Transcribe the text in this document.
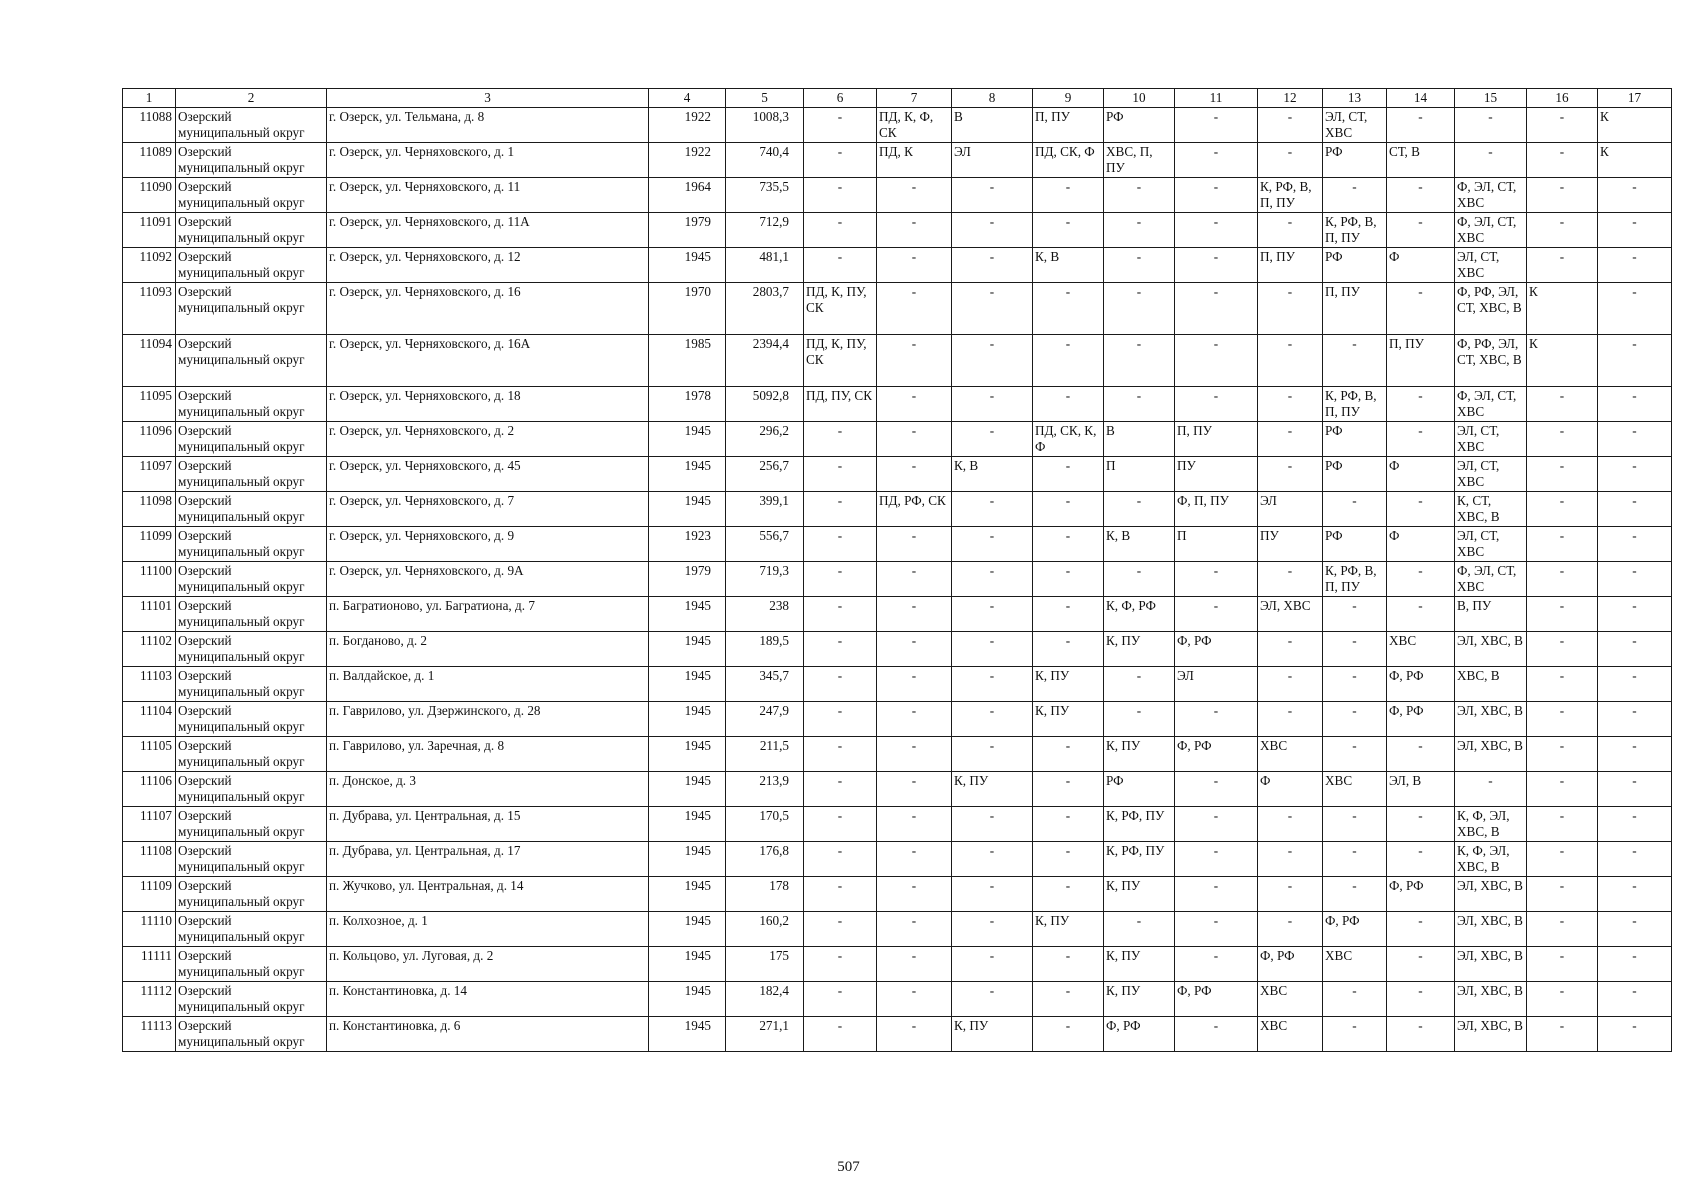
1	2	3	4	5	6	7	8	9	10	11	12	13	14	15	16	17
11088	Озерский муниципальный округ	г. Озерск, ул. Тельмана, д. 8	1922	1008,3	-	ПД, К, Ф, СК	В	П, ПУ	РФ	-	-	ЭЛ, СТ, ХВС	-	-	-	К
11089	Озерский муниципальный округ	г. Озерск, ул. Черняховского, д. 1	1922	740,4	-	ПД, К	ЭЛ	ПД, СК, Ф	ХВС, П, ПУ	-	-	РФ	СТ, В	-	-	К
11090	Озерский муниципальный округ	г. Озерск, ул. Черняховского, д. 11	1964	735,5	-	-	-	-	-	-	К, РФ, В, П, ПУ	-	-	Ф, ЭЛ, СТ, ХВС	-	-
11091	Озерский муниципальный округ	г. Озерск, ул. Черняховского, д. 11А	1979	712,9	-	-	-	-	-	-	-	К, РФ, В, П, ПУ	-	Ф, ЭЛ, СТ, ХВС	-	-
11092	Озерский муниципальный округ	г. Озерск, ул. Черняховского, д. 12	1945	481,1	-	-	-	К, В	-	-	П, ПУ	РФ	Ф	ЭЛ, СТ, ХВС	-	-
11093	Озерский муниципальный округ	г. Озерск, ул. Черняховского, д. 16	1970	2803,7	ПД, К, ПУ, СК	-	-	-	-	-	-	П, ПУ	-	Ф, РФ, ЭЛ, СТ, ХВС, В	К	-
11094	Озерский муниципальный округ	г. Озерск, ул. Черняховского, д. 16А	1985	2394,4	ПД, К, ПУ, СК	-	-	-	-	-	-	-	П, ПУ	Ф, РФ, ЭЛ, СТ, ХВС, В	К	-
11095	Озерский муниципальный округ	г. Озерск, ул. Черняховского, д. 18	1978	5092,8	ПД, ПУ, СК	-	-	-	-	-	-	К, РФ, В, П, ПУ	-	Ф, ЭЛ, СТ, ХВС	-	-
11096	Озерский муниципальный округ	г. Озерск, ул. Черняховского, д. 2	1945	296,2	-	-	-	ПД, СК, К, Ф	В	П, ПУ	-	РФ	-	ЭЛ, СТ, ХВС	-	-
11097	Озерский муниципальный округ	г. Озерск, ул. Черняховского, д. 45	1945	256,7	-	-	К, В	-	П	ПУ	-	РФ	Ф	ЭЛ, СТ, ХВС	-	-
11098	Озерский муниципальный округ	г. Озерск, ул. Черняховского, д. 7	1945	399,1	-	ПД, РФ, СК	-	-	-	Ф, П, ПУ	ЭЛ	-	-	К, СТ, ХВС, В	-	-
11099	Озерский муниципальный округ	г. Озерск, ул. Черняховского, д. 9	1923	556,7	-	-	-	-	К, В	П	ПУ	РФ	Ф	ЭЛ, СТ, ХВС	-	-
11100	Озерский муниципальный округ	г. Озерск, ул. Черняховского, д. 9А	1979	719,3	-	-	-	-	-	-	-	К, РФ, В, П, ПУ	-	Ф, ЭЛ, СТ, ХВС	-	-
11101	Озерский муниципальный округ	п. Багратионово, ул. Багратиона, д. 7	1945	238	-	-	-	-	К, Ф, РФ	-	ЭЛ, ХВС	-	-	В, ПУ	-	-
11102	Озерский муниципальный округ	п. Богданово, д. 2	1945	189,5	-	-	-	-	К, ПУ	Ф, РФ	-	-	ХВС	ЭЛ, ХВС, В	-	-
11103	Озерский муниципальный округ	п. Валдайское, д. 1	1945	345,7	-	-	-	К, ПУ	-	ЭЛ	-	-	Ф, РФ	ХВС, В	-	-
11104	Озерский муниципальный округ	п. Гаврилово, ул. Дзержинского, д. 28	1945	247,9	-	-	-	К, ПУ	-	-	-	-	Ф, РФ	ЭЛ, ХВС, В	-	-
11105	Озерский муниципальный округ	п. Гаврилово, ул. Заречная, д. 8	1945	211,5	-	-	-	-	К, ПУ	Ф, РФ	ХВС	-	-	ЭЛ, ХВС, В	-	-
11106	Озерский муниципальный округ	п. Донское, д. 3	1945	213,9	-	-	К, ПУ	-	РФ	-	Ф	ХВС	ЭЛ, В	-	-	-
11107	Озерский муниципальный округ	п. Дубрава, ул. Центральная, д. 15	1945	170,5	-	-	-	-	К, РФ, ПУ	-	-	-	-	К, Ф, ЭЛ, ХВС, В	-	-
11108	Озерский муниципальный округ	п. Дубрава, ул. Центральная, д. 17	1945	176,8	-	-	-	-	К, РФ, ПУ	-	-	-	-	К, Ф, ЭЛ, ХВС, В	-	-
11109	Озерский муниципальный округ	п. Жучково, ул. Центральная, д. 14	1945	178	-	-	-	-	К, ПУ	-	-	-	Ф, РФ	ЭЛ, ХВС, В	-	-
11110	Озерский муниципальный округ	п. Колхозное, д. 1	1945	160,2	-	-	-	К, ПУ	-	-	-	Ф, РФ	-	ЭЛ, ХВС, В	-	-
11111	Озерский муниципальный округ	п. Кольцово, ул. Луговая, д. 2	1945	175	-	-	-	-	К, ПУ	-	Ф, РФ	ХВС	-	ЭЛ, ХВС, В	-	-
11112	Озерский муниципальный округ	п. Константиновка, д. 14	1945	182,4	-	-	-	-	К, ПУ	Ф, РФ	ХВС	-	-	ЭЛ, ХВС, В	-	-
11113	Озерский муниципальный округ	п. Константиновка, д. 6	1945	271,1	-	-	К, ПУ	-	Ф, РФ	-	ХВС	-	-	ЭЛ, ХВС, В	-	-
507
